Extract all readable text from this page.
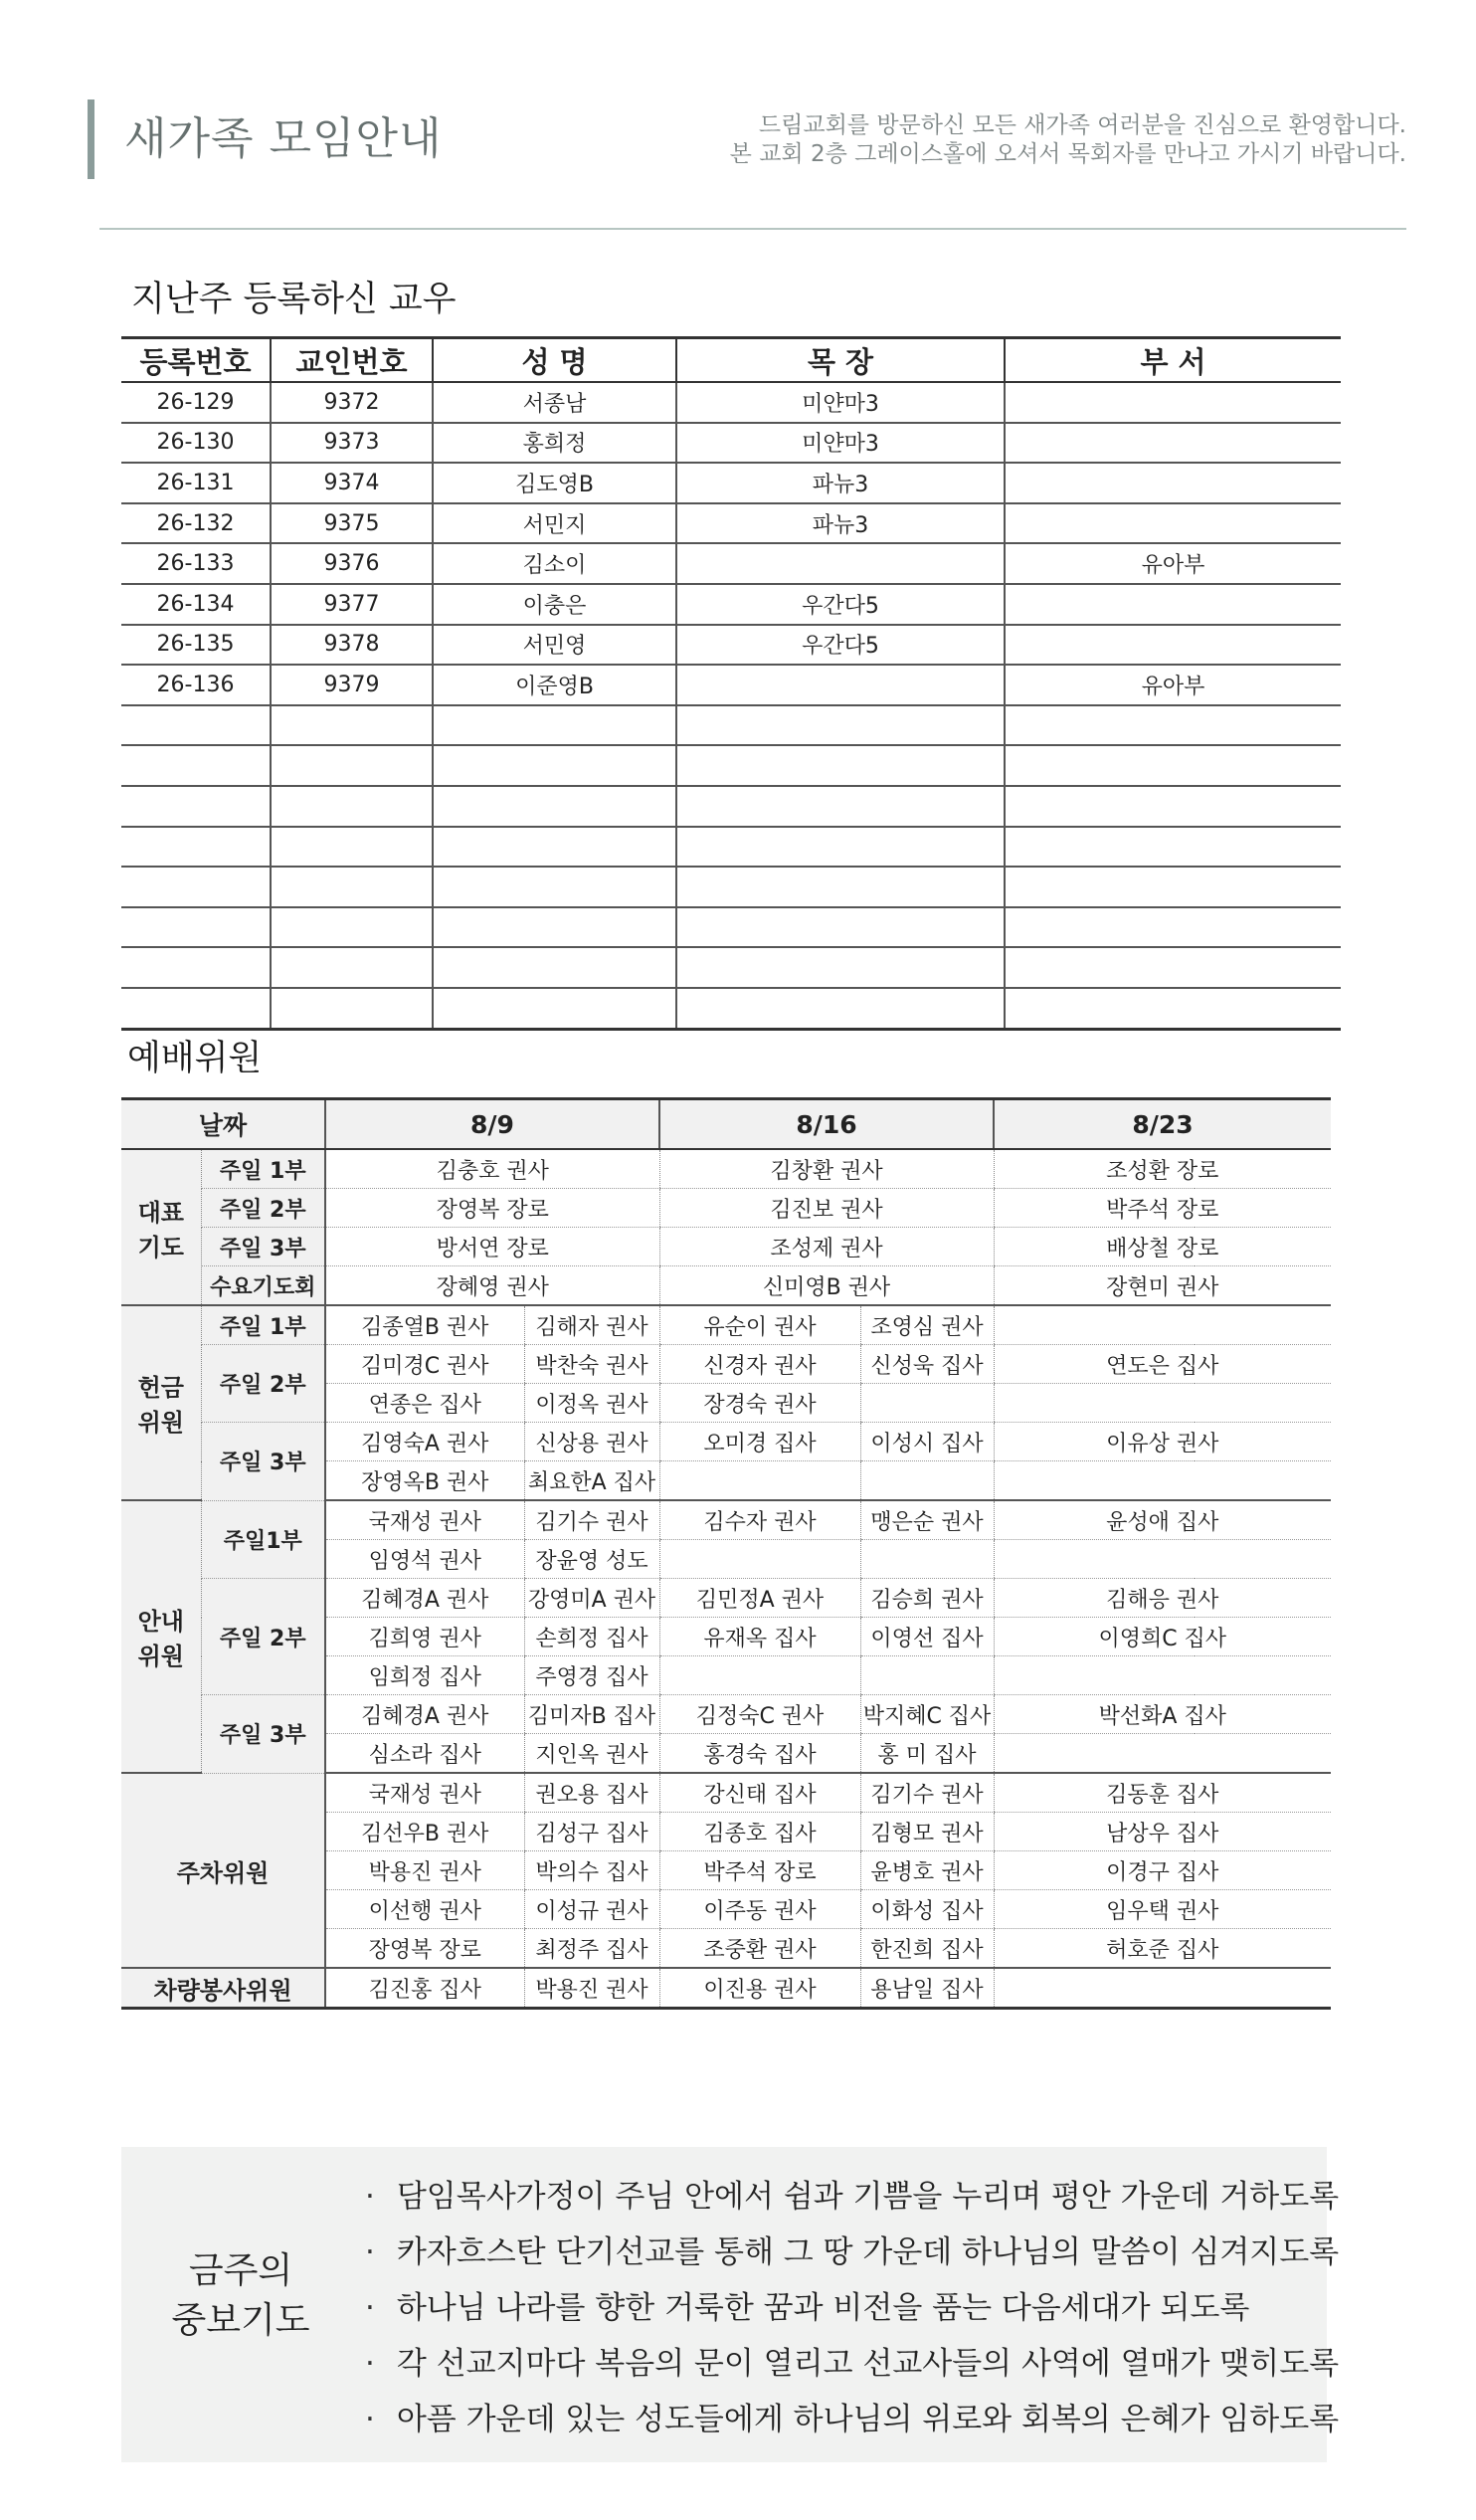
새가족 모임안내	드림교회를 방문하신 모든 새가족 여러분을 진심으로 환영합니다.
본 교회 2층 그레이스홀에 오셔서 목회자를 만나고 가시기 바랍니다.
지난주 등록하신 교우
등록번호	교인번호	성 명	목 장	부 서
26-129	9372	서종남	미얀마3	
26-130	9373	홍희정	미얀마3	
26-131	9374	김도영B	파뉴3	
26-132	9375	서민지	파뉴3	
26-133	9376	김소이		유아부
26-134	9377	이충은	우간다5	
26-135	9378	서민영	우간다5	
26-136	9379	이준영B		유아부

예배위원
날짜		8/9		8/16		8/23
대표
기도	주일 1부	김충호 권사		김창환 권사		조성환 장로
	주일 2부	장영복 장로		김진보 권사		박주석 장로
	주일 3부	방서연 장로		조성제 권사		배상철 장로
	수요기도회	장혜영 권사		신미영B 권사		장현미 권사
헌금
위원	주일 1부	김종열B 권사	김해자 권사	유순이 권사	조영심 권사	
	주일 2부	김미경C 권사	박찬숙 권사	신경자 권사	신성욱 집사	연도은 집사
		연종은 집사	이정옥 권사	장경숙 권사		
	주일 3부	김영숙A 권사	신상용 권사	오미경 집사	이성시 집사	이유상 권사
		장영옥B 권사	최요한A 집사			
안내
위원	주일1부	국재성 권사	김기수 권사	김수자 권사	맹은순 권사	윤성애 집사
		임영석 권사	장윤영 성도			
	주일 2부	김혜경A 권사	강영미A 권사	김민정A 권사	김승희 권사	김해응 권사
		김희영 권사	손희정 집사	유재옥 집사	이영선 집사	이영희C 집사
		임희정 집사	주영경 집사			
	주일 3부	김혜경A 권사	김미자B 집사	김정숙C 권사	박지혜C 집사	박선화A 집사
		심소라 집사	지인옥 권사	홍경숙 집사	홍 미 집사	
주차위원		국재성 권사	권오용 집사	강신태 집사	김기수 권사	김동훈 집사
		김선우B 권사	김성구 집사	김종호 집사	김형모 권사	남상우 집사
		박용진 권사	박의수 집사	박주석 장로	윤병호 권사	이경구 집사
		이선행 권사	이성규 권사	이주동 권사	이화성 집사	임우택 권사
		장영복 장로	최정주 집사	조중환 권사	한진희 집사	허호준 집사
차량봉사위원		김진홍 집사	박용진 권사	이진용 권사	용남일 집사	
금주의
중보기도
· 담임목사가정이 주님 안에서 쉼과 기쁨을 누리며 평안 가운데 거하도록
· 카자흐스탄 단기선교를 통해 그 땅 가운데 하나님의 말씀이 심겨지도록
· 하나님 나라를 향한 거룩한 꿈과 비전을 품는 다음세대가 되도록
· 각 선교지마다 복음의 문이 열리고 선교사들의 사역에 열매가 맺히도록
· 아픔 가운데 있는 성도들에게 하나님의 위로와 회복의 은혜가 임하도록
